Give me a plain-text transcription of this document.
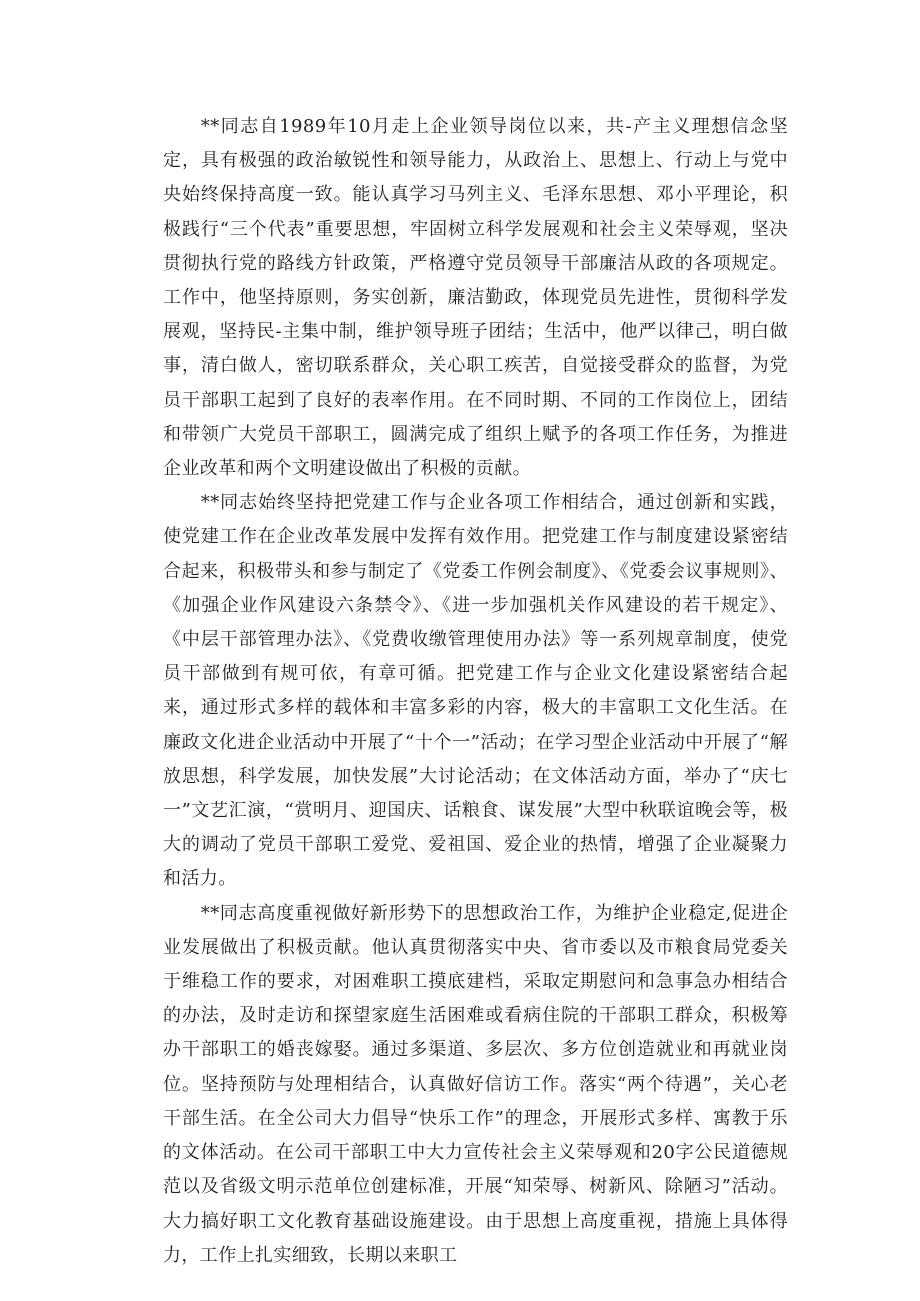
**同志自1989年10月走上企业领导岗位以来，共-产主义理想信念坚定，具有极强的政治敏锐性和领导能力，从政治上、思想上、行动上与党中央始终保持高度一致。能认真学习马列主义、毛泽东思想、邓小平理论，积极践行“三个代表”重要思想，牢固树立科学发展观和社会主义荣辱观，坚决贯彻执行党的路线方针政策，严格遵守党员领导干部廉洁从政的各项规定。工作中，他坚持原则，务实创新，廉洁勤政，体现党员先进性，贯彻科学发展观，坚持民-主集中制，维护领导班子团结；生活中，他严以律己，明白做事，清白做人，密切联系群众，关心职工疾苦，自觉接受群众的监督，为党员干部职工起到了良好的表率作用。在不同时期、不同的工作岗位上，团结和带领广大党员干部职工，圆满完成了组织上赋予的各项工作任务，为推进企业改革和两个文明建设做出了积极的贡献。

**同志始终坚持把党建工作与企业各项工作相结合，通过创新和实践，使党建工作在企业改革发展中发挥有效作用。把党建工作与制度建设紧密结合起来，积极带头和参与制定了《党委工作例会制度》、《党委会议事规则》、《加强企业作风建设六条禁令》、《进一步加强机关作风建设的若干规定》、《中层干部管理办法》、《党费收缴管理使用办法》等一系列规章制度，使党员干部做到有规可依，有章可循。把党建工作与企业文化建设紧密结合起来，通过形式多样的载体和丰富多彩的内容，极大的丰富职工文化生活。在廉政文化进企业活动中开展了“十个一”活动；在学习型企业活动中开展了“解放思想，科学发展，加快发展”大讨论活动；在文体活动方面，举办了“庆七一”文艺汇演，“赏明月、迎国庆、话粮食、谋发展”大型中秋联谊晚会等，极大的调动了党员干部职工爱党、爱祖国、爱企业的热情，增强了企业凝聚力和活力。

**同志高度重视做好新形势下的思想政治工作，为维护企业稳定,促进企业发展做出了积极贡献。他认真贯彻落实中央、省市委以及市粮食局党委关于维稳工作的要求，对困难职工摸底建档，采取定期慰问和急事急办相结合的办法，及时走访和探望家庭生活困难或看病住院的干部职工群众，积极筹办干部职工的婚丧嫁娶。通过多渠道、多层次、多方位创造就业和再就业岗位。坚持预防与处理相结合，认真做好信访工作。落实“两个待遇”，关心老干部生活。在全公司大力倡导“快乐工作”的理念，开展形式多样、寓教于乐的文体活动。在公司干部职工中大力宣传社会主义荣辱观和20字公民道德规范以及省级文明示范单位创建标准，开展“知荣辱、树新风、除陋习”活动。大力搞好职工文化教育基础设施建设。由于思想上高度重视，措施上具体得力，工作上扎实细致，长期以来职工
